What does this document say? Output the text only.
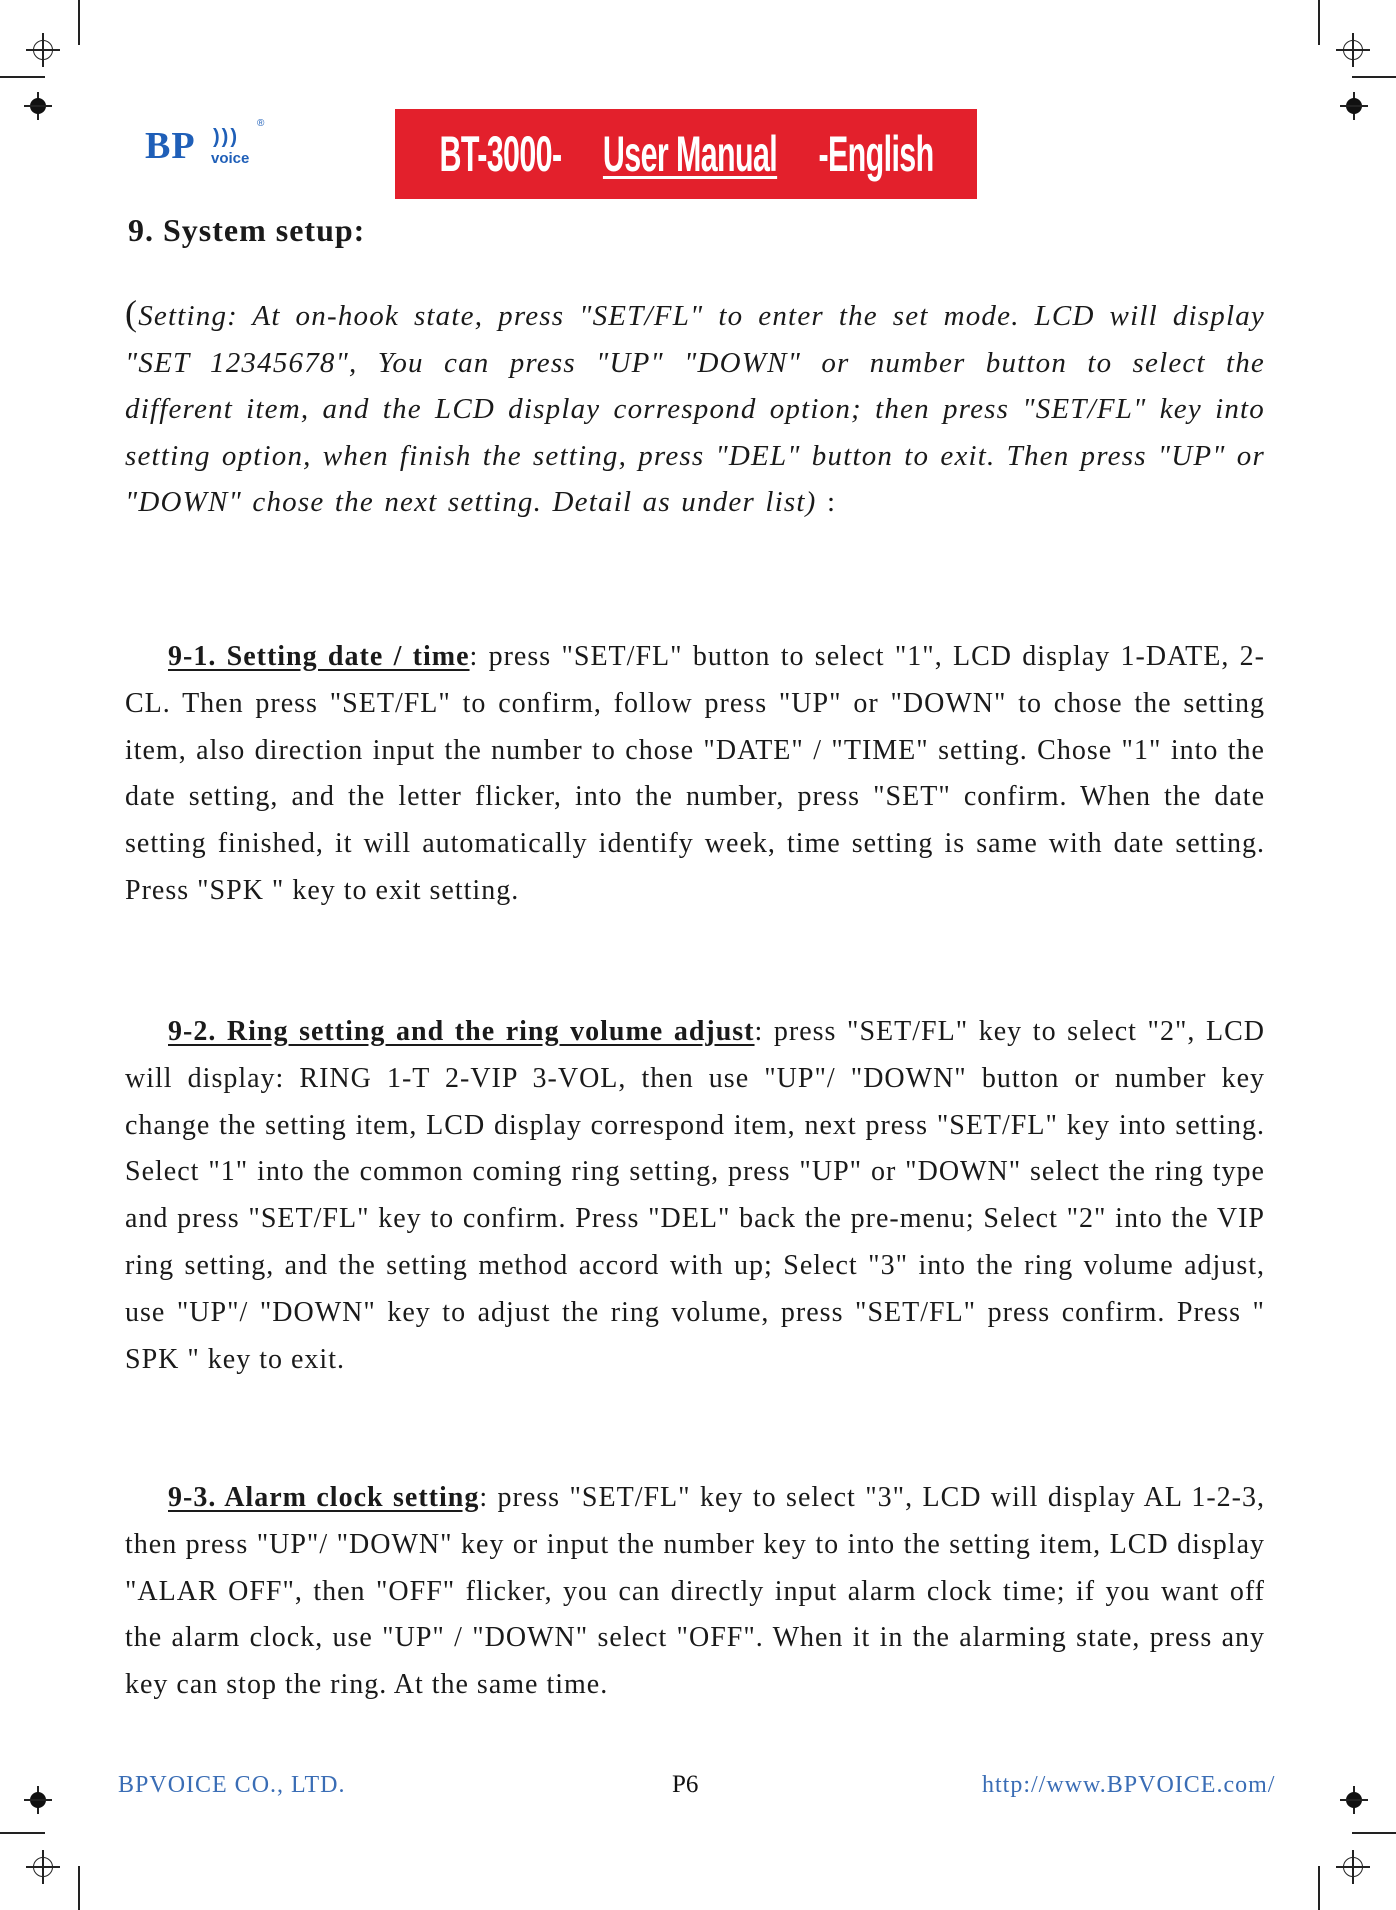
BP )))
®
voice	BT-3000- User Manual -English
9. System setup:
(Setting: At on-hook state, press "SET/FL" to enter the set mode. LCD will display "SET 12345678", You can press "UP" "DOWN" or number button to select the different item, and the LCD display correspond option; then press "SET/FL" key into setting option, when finish the setting, press "DEL" button to exit. Then press "UP" or "DOWN" chose the next setting. Detail as under list) :
9-1. Setting date / time: press "SET/FL" button to select "1", LCD display 1-DATE, 2-CL. Then press "SET/FL" to confirm, follow press "UP" or "DOWN" to chose the setting item, also direction input the number to chose "DATE" / "TIME" setting. Chose "1" into the date setting, and the letter flicker, into the number, press "SET" confirm. When the date setting finished, it will automatically identify week, time setting is same with date setting. Press "SPK " key to exit setting.
9-2. Ring setting and the ring volume adjust: press "SET/FL" key to select "2", LCD will display: RING 1-T 2-VIP 3-VOL, then use "UP"/ "DOWN" button or number key change the setting item, LCD display correspond item, next press "SET/FL" key into setting. Select "1" into the common coming ring setting, press "UP" or "DOWN" select the ring type and press "SET/FL" key to confirm. Press "DEL" back the pre-menu; Select "2" into the VIP ring setting, and the setting method accord with up; Select "3" into the ring volume adjust, use "UP"/ "DOWN" key to adjust the ring volume, press "SET/FL" press confirm. Press " SPK " key to exit.
9-3. Alarm clock setting: press "SET/FL" key to select "3", LCD will display AL 1-2-3, then press "UP"/ "DOWN" key or input the number key to into the setting item, LCD display "ALAR OFF", then "OFF" flicker, you can directly input alarm clock time; if you want off the alarm clock, use "UP" / "DOWN" select "OFF". When it in the alarming state, press any key can stop the ring. At the same time.
BPVOICE CO., LTD.	P6	http://www.BPVOICE.com/
